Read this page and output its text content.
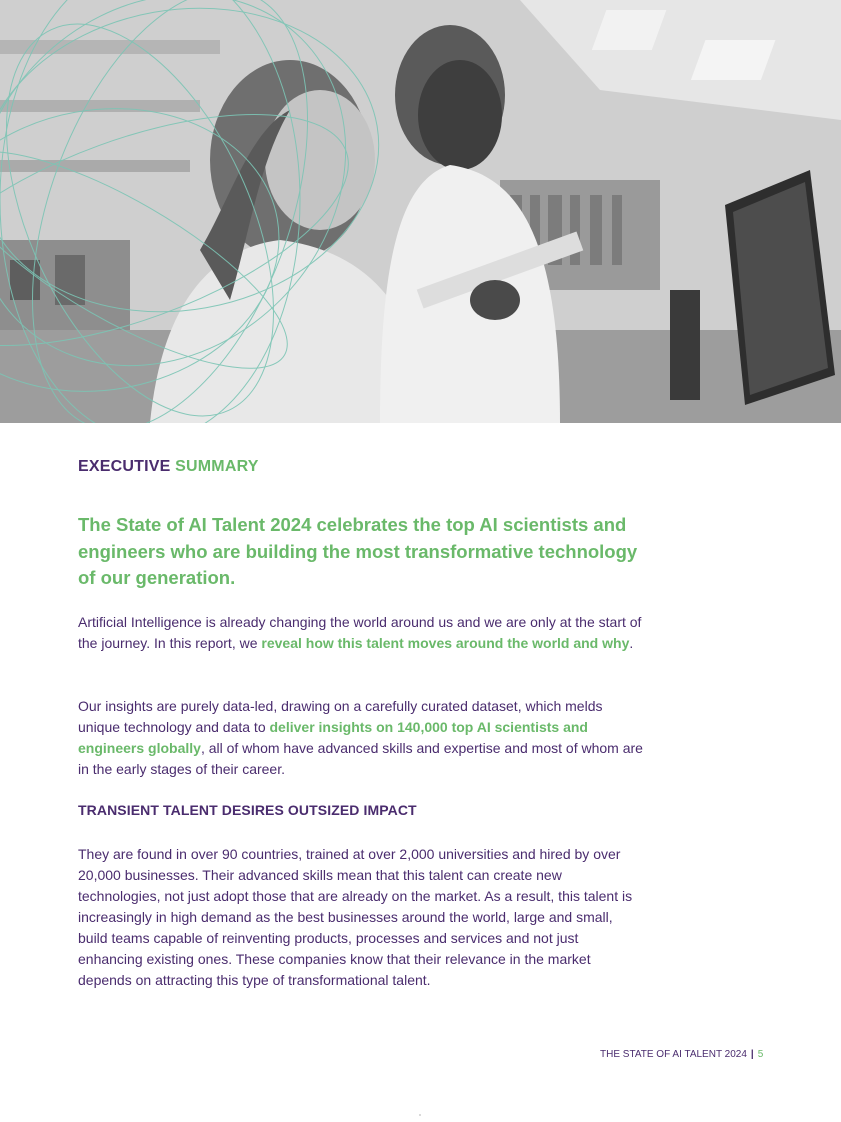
EXECUTIVE SUMMARY
The State of AI Talent 2024 celebrates the top AI scientists and engineers who are building the most transformative technology of our generation.

Artificial Intelligence is already changing the world around us and we are only at the start of the journey. In this report, we reveal how this talent moves around the world and why.

Our insights are purely data-led, drawing on a carefully curated dataset, which melds unique technology and data to deliver insights on 140,000 top AI scientists and engineers globally, all of whom have advanced skills and expertise and most of whom are in the early stages of their career.

TRANSIENT TALENT DESIRES OUTSIZED IMPACT

They are found in over 90 countries, trained at over 2,000 universities and hired by over 20,000 businesses. Their advanced skills mean that this talent can create new technologies, not just adopt those that are already on the market. As a result, this talent is increasingly in high demand as the best businesses around the world, large and small, build teams capable of reinventing products, processes and services and not just enhancing existing ones. These companies know that their relevance in the market depends on attracting this type of transformational talent.

THE STATE OF AI TALENT 2024 | 5
